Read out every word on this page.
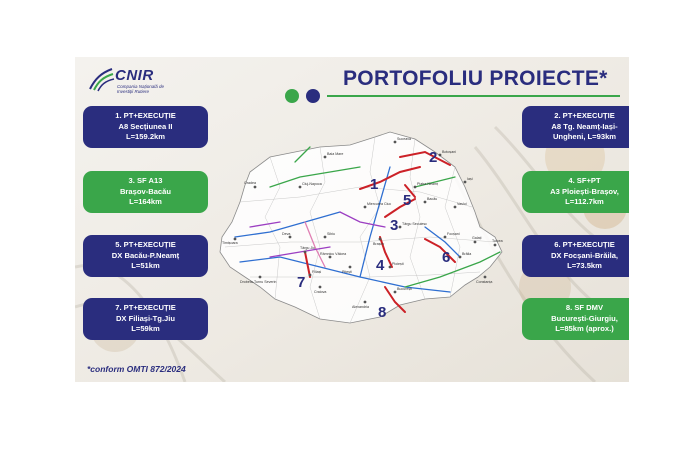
CNIR
Compania Națională de Investiții Rutiere
PORTOFOLIU PROIECTE*
1. PT+EXECUȚIE
A8 Secțiunea II
L=159.2km
3. SF A13
Brașov-Bacău
L=164km
5. PT+EXECUȚIE
DX Bacău-P.Neamț
L=51km
7. PT+EXECUȚIE
DX Filiași-Tg.Jiu
L=59km
2. PT+EXECUȚIE
A8 Tg. Neamț-Iași-
Ungheni, L=93km
4. SF+PT
A3 Ploiești-Brașov,
L=112.7km
6. PT+EXECUȚIE
DX Focșani-Brăila,
L=73.5km
8. SF DMV
București-Giurgiu,
L=85km (aprox.)
Baia Mare
Suceava
Botoșani
Oradea	Cluj-Napoca	Piatra Neamț
Iași
Bacău
Vaslui
Miercurea Ciuc
Târgu Secuiesc
Brașov
Focșani
Timișoara
Deva	Sibiu
Pitești
Ploiești
Brăila
Galați
Tulcea
Târgu Jiu
Râmnicu Vâlcea
Craiova
București
Constanța
Alexandria
Filiași
Drobeta-Turnu Severin
1
2
3
4
5
6
7
8
*conform OMTI 872/2024
